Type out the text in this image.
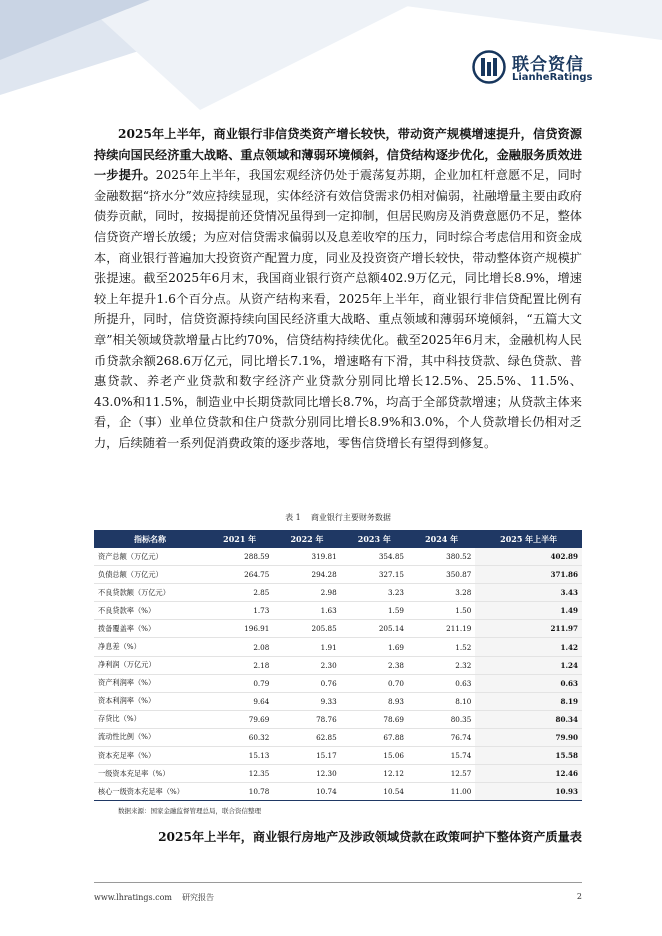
联合资信
LianheRatings

2025年上半年，商业银行非信贷类资产增长较快，带动资产规模增速提升，信贷资源持续向国民经济重大战略、重点领域和薄弱环境倾斜，信贷结构逐步优化，金融服务质效进一步提升。2025年上半年，我国宏观经济仍处于震荡复苏期，企业加杠杆意愿不足，同时金融数据“挤水分”效应持续显现，实体经济有效信贷需求仍相对偏弱，社融增量主要由政府债券贡献，同时，按揭提前还贷情况虽得到一定抑制，但居民购房及消费意愿仍不足，整体信贷资产增长放缓；为应对信贷需求偏弱以及息差收窄的压力，同时综合考虑信用和资金成本，商业银行普遍加大投资资产配置力度，同业及投资资产增长较快，带动整体资产规模扩张提速。截至2025年6月末，我国商业银行资产总额402.9万亿元，同比增长8.9%，增速较上年提升1.6个百分点。从资产结构来看，2025年上半年，商业银行非信贷配置比例有所提升，同时，信贷资源持续向国民经济重大战略、重点领域和薄弱环境倾斜，“五篇大文章”相关领域贷款增量占比约70%，信贷结构持续优化。截至2025年6月末，金融机构人民币贷款余额268.6万亿元，同比增长7.1%，增速略有下滑，其中科技贷款、绿色贷款、普惠贷款、养老产业贷款和数字经济产业贷款分别同比增长12.5%、25.5%、11.5%、43.0%和11.5%，制造业中长期贷款同比增长8.7%，均高于全部贷款增速；从贷款主体来看，企（事）业单位贷款和住户贷款分别同比增长8.9%和3.0%，个人贷款增长仍相对乏力，后续随着一系列促消费政策的逐步落地，零售信贷增长有望得到修复。

表 1    商业银行主要财务数据
指标名称	2021 年	2022 年	2023 年	2024 年	2025 年上半年
资产总额（万亿元）	288.59	319.81	354.85	380.52	402.89
负债总额（万亿元）	264.75	294.28	327.15	350.87	371.86
不良贷款额（万亿元）	2.85	2.98	3.23	3.28	3.43
不良贷款率（%）	1.73	1.63	1.59	1.50	1.49
拨备覆盖率（%）	196.91	205.85	205.14	211.19	211.97
净息差（%）	2.08	1.91	1.69	1.52	1.42
净利润（万亿元）	2.18	2.30	2.38	2.32	1.24
资产利润率（%）	0.79	0.76	0.70	0.63	0.63
资本利润率（%）	9.64	9.33	8.93	8.10	8.19
存贷比（%）	79.69	78.76	78.69	80.35	80.34
流动性比例（%）	60.32	62.85	67.88	76.74	79.90
资本充足率（%）	15.13	15.17	15.06	15.74	15.58
一级资本充足率（%）	12.35	12.30	12.12	12.57	12.46
核心一级资本充足率（%）	10.78	10.74	10.54	11.00	10.93
数据来源：国家金融监督管理总局，联合资信整理

2025年上半年，商业银行房地产及涉政领域贷款在政策呵护下整体资产质量表

www.lhratings.com 研究报告	2
